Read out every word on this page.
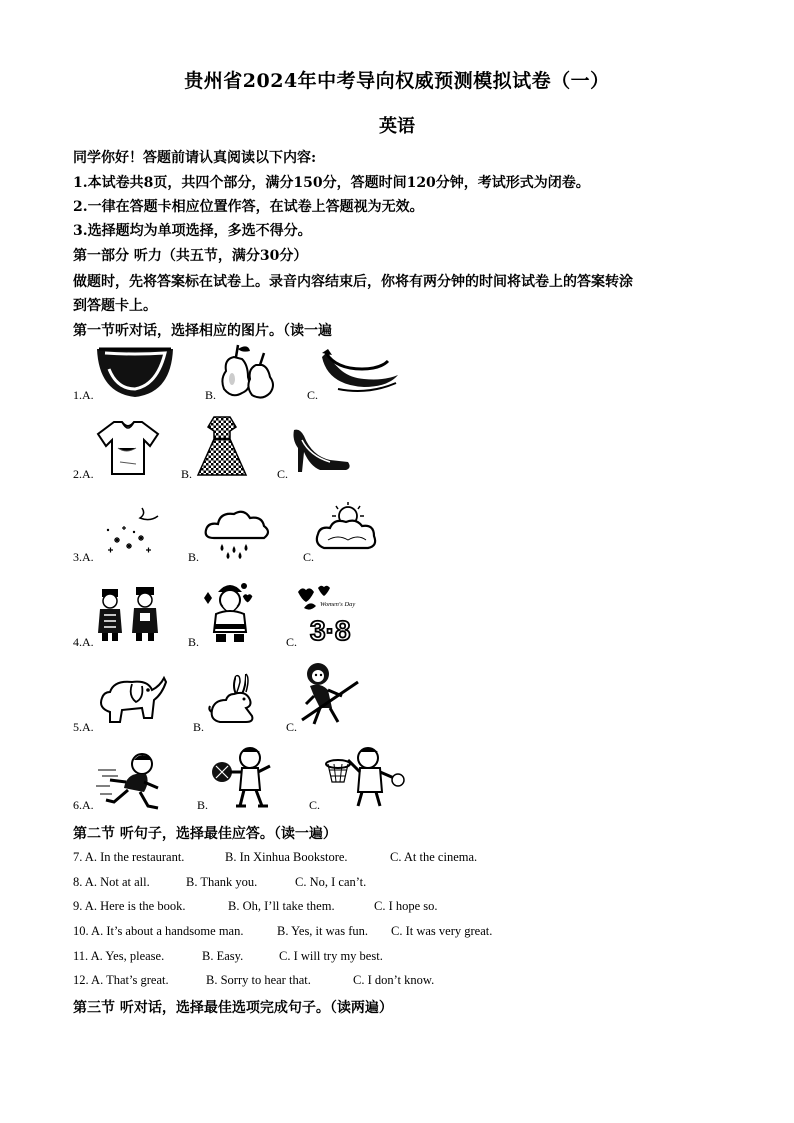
贵州省2024年中考导向权威预测模拟试卷（一）
英语
同学你好！答题前请认真阅读以下内容:
1.本试卷共8页，共四个部分，满分150分，答题时间120分钟，考试形式为闭卷。
2.一律在答题卡相应位置作答，在试卷上答题视为无效。
3.选择题均为单项选择，多选不得分。
第一部分 听力（共五节，满分30分）
做题时，先将答案标在试卷上。录音内容结束后，你将有两分钟的时间将试卷上的答案转涂
到答题卡上。
第一节听对话，选择相应的图片。（读一遍
1.A.	B.	C.
2.A.	B.	C.
3.A.	B.	C.
4.A.	B.	C.
Women's Day
3·8
5.A.	B.	C.
6.A.	B.	C.
第二节 听句子，选择最佳应答。（读一遍）
7. A. In the restaurant.	B. In Xinhua Bookstore.	C. At the cinema.
8. A. Not at all.	B. Thank you.	C. No, I can’t.
9. A. Here is the book.	B. Oh, I’ll take them.	C. I hope so.
10. A. It’s about a handsome man.	B. Yes, it was fun. C. It was very great.
11. A. Yes, please.	B. Easy.	C. I will try my best.
12. A. That’s great.	B. Sorry to hear that.	C. I don’t know.
第三节 听对话，选择最佳选项完成句子。（读两遍）
